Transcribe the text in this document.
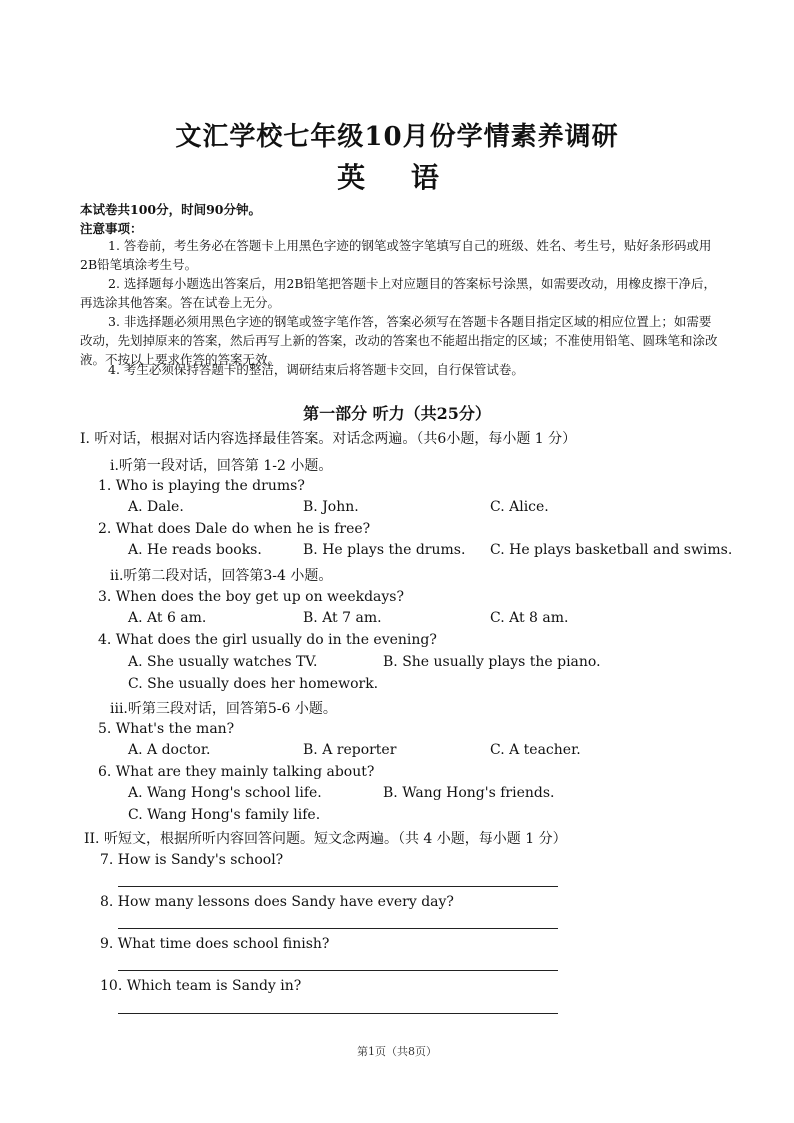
文汇学校七年级10月份学情素养调研
英 语
本试卷共100分，时间90分钟。
注意事项：
1. 答卷前，考生务必在答题卡上用黑色字迹的钢笔或签字笔填写自己的班级、姓名、考生号，贴好条形码或用2B铅笔填涂考生号。
2. 选择题每小题选出答案后，用2B铅笔把答题卡上对应题目的答案标号涂黑，如需要改动，用橡皮擦干净后，再选涂其他答案。答在试卷上无分。
3. 非选择题必须用黑色字迹的钢笔或签字笔作答，答案必须写在答题卡各题目指定区域的相应位置上；如需要改动，先划掉原来的答案，然后再写上新的答案，改动的答案也不能超出指定的区域；不准使用铅笔、圆珠笔和涂改液。不按以上要求作答的答案无效。
4. 考生必须保持答题卡的整洁，调研结束后将答题卡交回，自行保管试卷。
第一部分 听力（共25分）
I. 听对话，根据对话内容选择最佳答案。对话念两遍。（共6小题，每小题 1 分）
i.听第一段对话，回答第 1-2 小题。
1. Who is playing the drums?
A. Dale.	B. John.	C. Alice.
2. What does Dale do when he is free?
A. He reads books.	B. He plays the drums. C. He plays basketball and swims.
ii.听第二段对话，回答第3-4 小题。
3. When does the boy get up on weekdays?
A. At 6 am.	B. At 7 am.	C. At 8 am.
4. What does the girl usually do in the evening?
A. She usually watches TV.	B. She usually plays the piano.
C. She usually does her homework.
iii.听第三段对话，回答第5-6 小题。
5. What's the man?
A. A doctor.	B. A reporter	C. A teacher.
6. What are they mainly talking about?
A. Wang Hong's school life.	B. Wang Hong's friends.
C. Wang Hong's family life.
II. 听短文，根据所听内容回答问题。短文念两遍。（共 4 小题，每小题 1 分）
7. How is Sandy's school?
8. How many lessons does Sandy have every day?
9. What time does school finish?
10. Which team is Sandy in?
第1页（共8页）
